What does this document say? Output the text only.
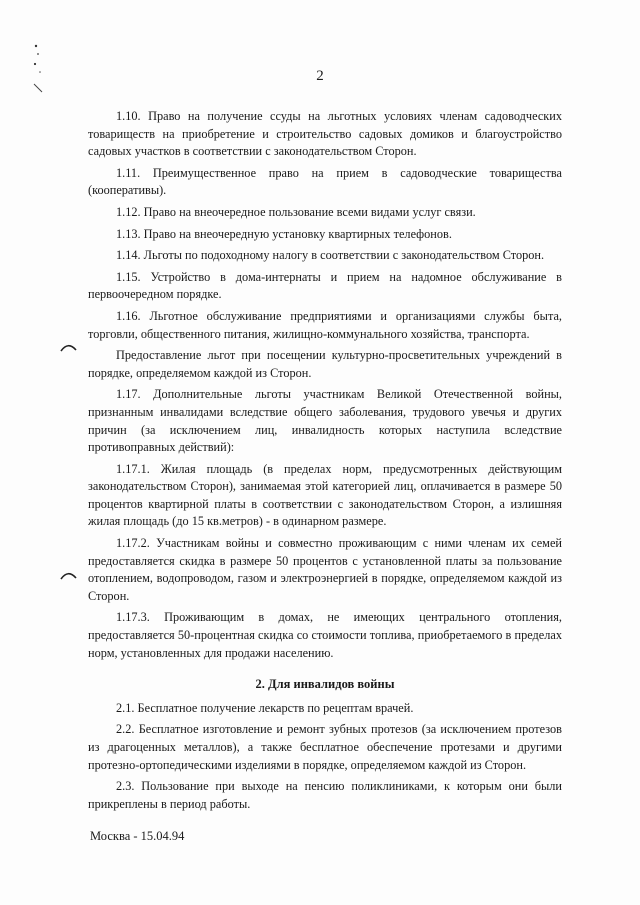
2

1.10. Право на получение ссуды на льготных условиях членам садоводческих товариществ на приобретение и строительство садовых домиков и благоустройство садовых участков в соответствии с законодательством Сторон.

1.11. Преимущественное право на прием в садоводческие товарищества (кооперативы).

1.12. Право на внеочередное пользование всеми видами услуг связи.

1.13. Право на внеочередную установку квартирных телефонов.

1.14. Льготы по подоходному налогу в соответствии с законодательством Сторон.

1.15. Устройство в дома-интернаты и прием на надомное обслуживание в первоочередном порядке.

1.16. Льготное обслуживание предприятиями и организациями службы быта, торговли, общественного питания, жилищно-коммунального хозяйства, транспорта.

Предоставление льгот при посещении культурно-просветительных учреждений в порядке, определяемом каждой из Сторон.

1.17. Дополнительные льготы участникам Великой Отечественной войны, признанным инвалидами вследствие общего заболевания, трудового увечья и других причин (за исключением лиц, инвалидность которых наступила вследствие противоправных действий):

1.17.1. Жилая площадь (в пределах норм, предусмотренных действующим законодательством Сторон), занимаемая этой категорией лиц, оплачивается в размере 50 процентов квартирной платы в соответствии с законодательством Сторон, а излишняя жилая площадь (до 15 кв.метров) - в одинарном размере.

1.17.2. Участникам войны и совместно проживающим с ними членам их семей предоставляется скидка в размере 50 процентов с установленной платы за пользование отоплением, водопроводом, газом и электроэнергией в порядке, определяемом каждой из Сторон.

1.17.3. Проживающим в домах, не имеющих центрального отопления, предоставляется 50-процентная скидка со стоимости топлива, приобретаемого в пределах норм, установленных для продажи населению.

2. Для инвалидов войны

2.1. Бесплатное получение лекарств по рецептам врачей.

2.2. Бесплатное изготовление и ремонт зубных протезов (за исключением протезов из драгоценных металлов), а также бесплатное обеспечение протезами и другими протезно-ортопедическими изделиями в порядке, определяемом каждой из Сторон.

2.3. Пользование при выходе на пенсию поликлиниками, к которым они были прикреплены в период работы.

Москва - 15.04.94
